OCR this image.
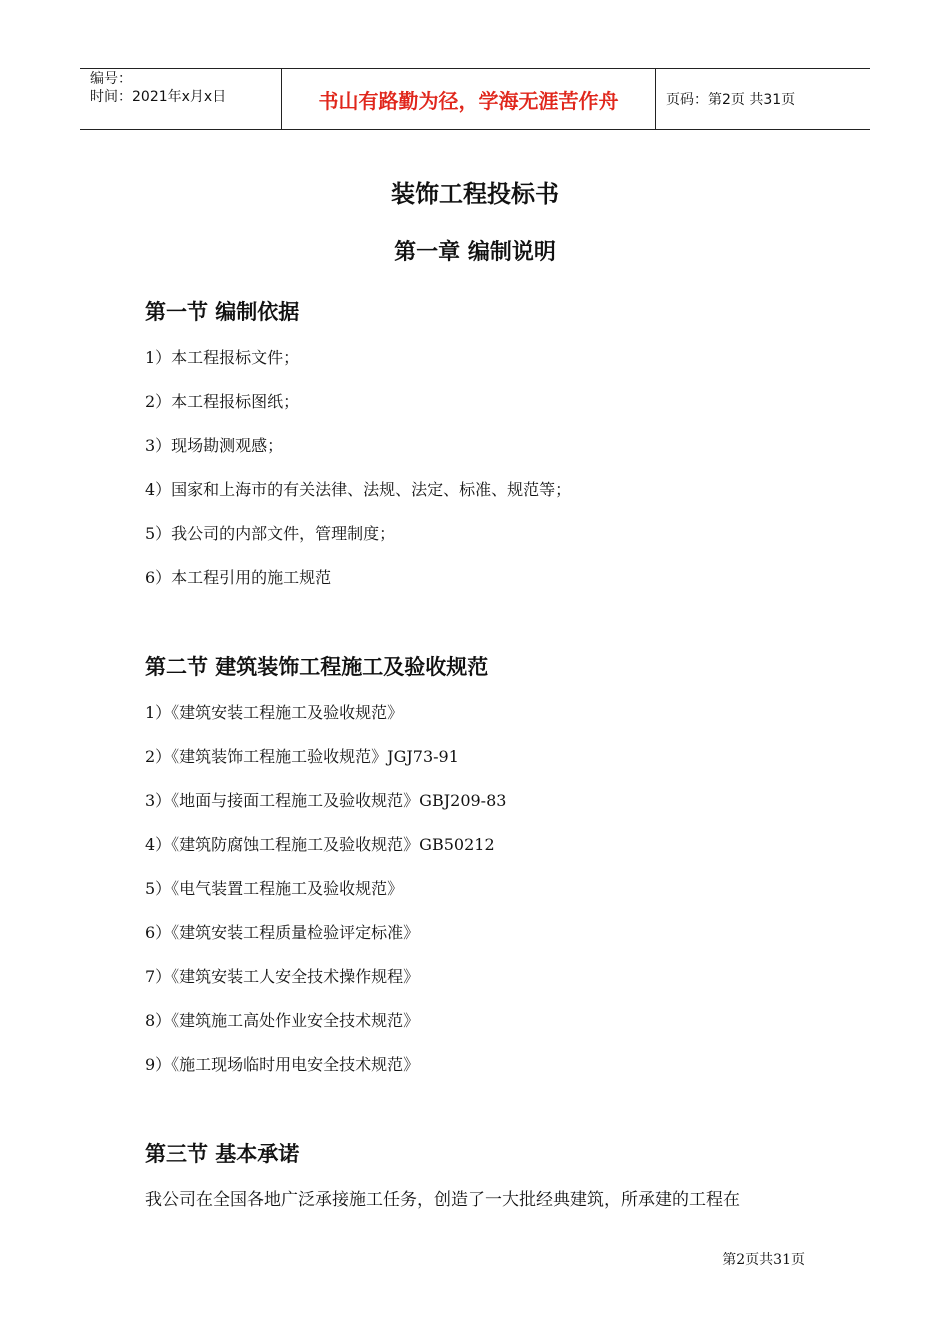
编号：
时间：2021年x月x日	书山有路勤为径，学海无涯苦作舟	页码：第2页 共31页
装饰工程投标书
第一章 编制说明
第一节 编制依据
1）本工程报标文件；
2）本工程报标图纸；
3）现场勘测观感；
4）国家和上海市的有关法律、法规、法定、标准、规范等；
5）我公司的内部文件，管理制度；
6）本工程引用的施工规范
第二节 建筑装饰工程施工及验收规范
1）《建筑安装工程施工及验收规范》
2）《建筑装饰工程施工验收规范》JGJ73-91
3）《地面与接面工程施工及验收规范》GBJ209-83
4）《建筑防腐蚀工程施工及验收规范》GB50212
5）《电气装置工程施工及验收规范》
6）《建筑安装工程质量检验评定标准》
7）《建筑安装工人安全技术操作规程》
8）《建筑施工高处作业安全技术规范》
9）《施工现场临时用电安全技术规范》
第三节 基本承诺
我公司在全国各地广泛承接施工任务，创造了一大批经典建筑，所承建的工程在
第2页共31页
